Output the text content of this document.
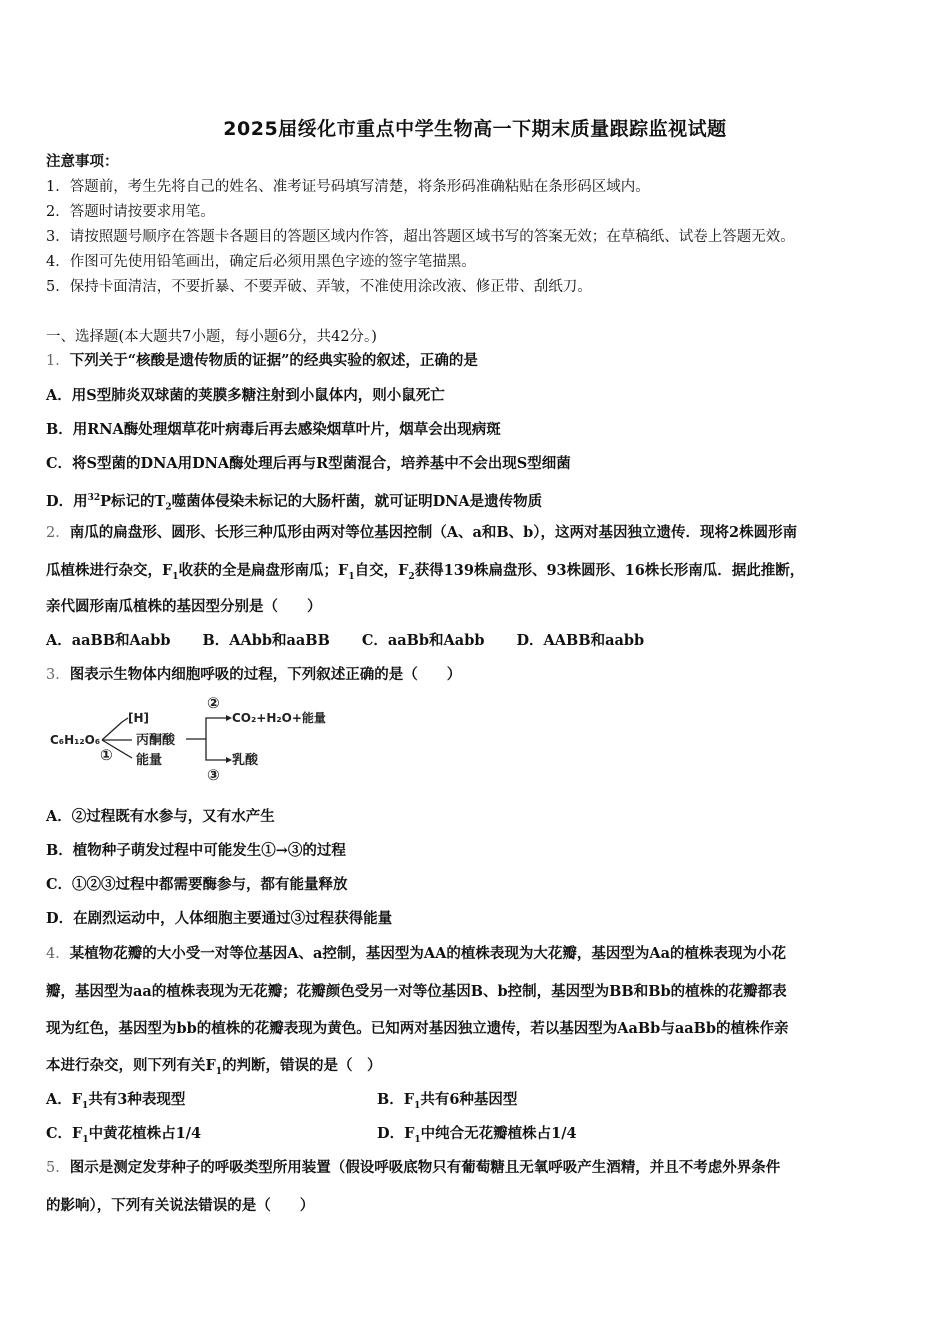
2025届绥化市重点中学生物高一下期末质量跟踪监视试题
注意事项：
1．答题前，考生先将自己的姓名、准考证号码填写清楚，将条形码准确粘贴在条形码区域内。
2．答题时请按要求用笔。
3．请按照题号顺序在答题卡各题目的答题区域内作答，超出答题区域书写的答案无效；在草稿纸、试卷上答题无效。
4．作图可先使用铅笔画出，确定后必须用黑色字迹的签字笔描黑。
5．保持卡面清洁，不要折暴、不要弄破、弄皱，不准使用涂改液、修正带、刮纸刀。
一、选择题(本大题共7小题，每小题6分，共42分。)
1．下列关于“核酸是遗传物质的证据”的经典实验的叙述，正确的是
A．用S型肺炎双球菌的荚膜多糖注射到小鼠体内，则小鼠死亡
B．用RNA酶处理烟草花叶病毒后再去感染烟草叶片，烟草会出现病斑
C．将S型菌的DNA用DNA酶处理后再与R型菌混合，培养基中不会出现S型细菌
D．用$^{32}$P标记的$T_2$噬菌体侵染未标记的大肠杆菌，就可证明DNA是遗传物质
2．南瓜的扁盘形、圆形、长形三种瓜形由两对等位基因控制（A、a和B、b），这两对基因独立遗传．现将2株圆形南
瓜植株进行杂交，$F_1$收获的全是扁盘形南瓜；$F_1$自交，$F_2$获得139株扁盘形、93株圆形、16株长形南瓜．据此推断，
亲代圆形南瓜植株的基因型分别是（　　）
A．aaBB和Aabb B．AAbb和aaBB C．aaBb和Aabb D．AABB和aabb
3．图表示生物体内细胞呼吸的过程，下列叙述正确的是（　　）
C₆H₁₂O₆
[H]
丙酮酸
能量
①
②
CO₂+H₂O+能量
乳酸
③
A．②过程既有水参与，又有水产生
B．植物种子萌发过程中可能发生①→③的过程
C．①②③过程中都需要酶参与，都有能量释放
D．在剧烈运动中，人体细胞主要通过③过程获得能量
4．某植物花瓣的大小受一对等位基因A、a控制，基因型为AA的植株表现为大花瓣，基因型为Aa的植株表现为小花
瓣，基因型为aa的植株表现为无花瓣；花瓣颜色受另一对等位基因B、b控制，基因型为BB和Bb的植株的花瓣都表
现为红色，基因型为bb的植株的花瓣表现为黄色。已知两对基因独立遗传，若以基因型为AaBb与aaBb的植株作亲
本进行杂交，则下列有关$F_1$的判断，错误的是（　）
A．$F_1$共有3种表现型	B．$F_1$共有6种基因型
C．$F_1$中黄花植株占1/4	D．$F_1$中纯合无花瓣植株占1/4
5．图示是测定发芽种子的呼吸类型所用装置（假设呼吸底物只有葡萄糖且无氧呼吸产生酒精，并且不考虑外界条件
的影响），下列有关说法错误的是（　　）
